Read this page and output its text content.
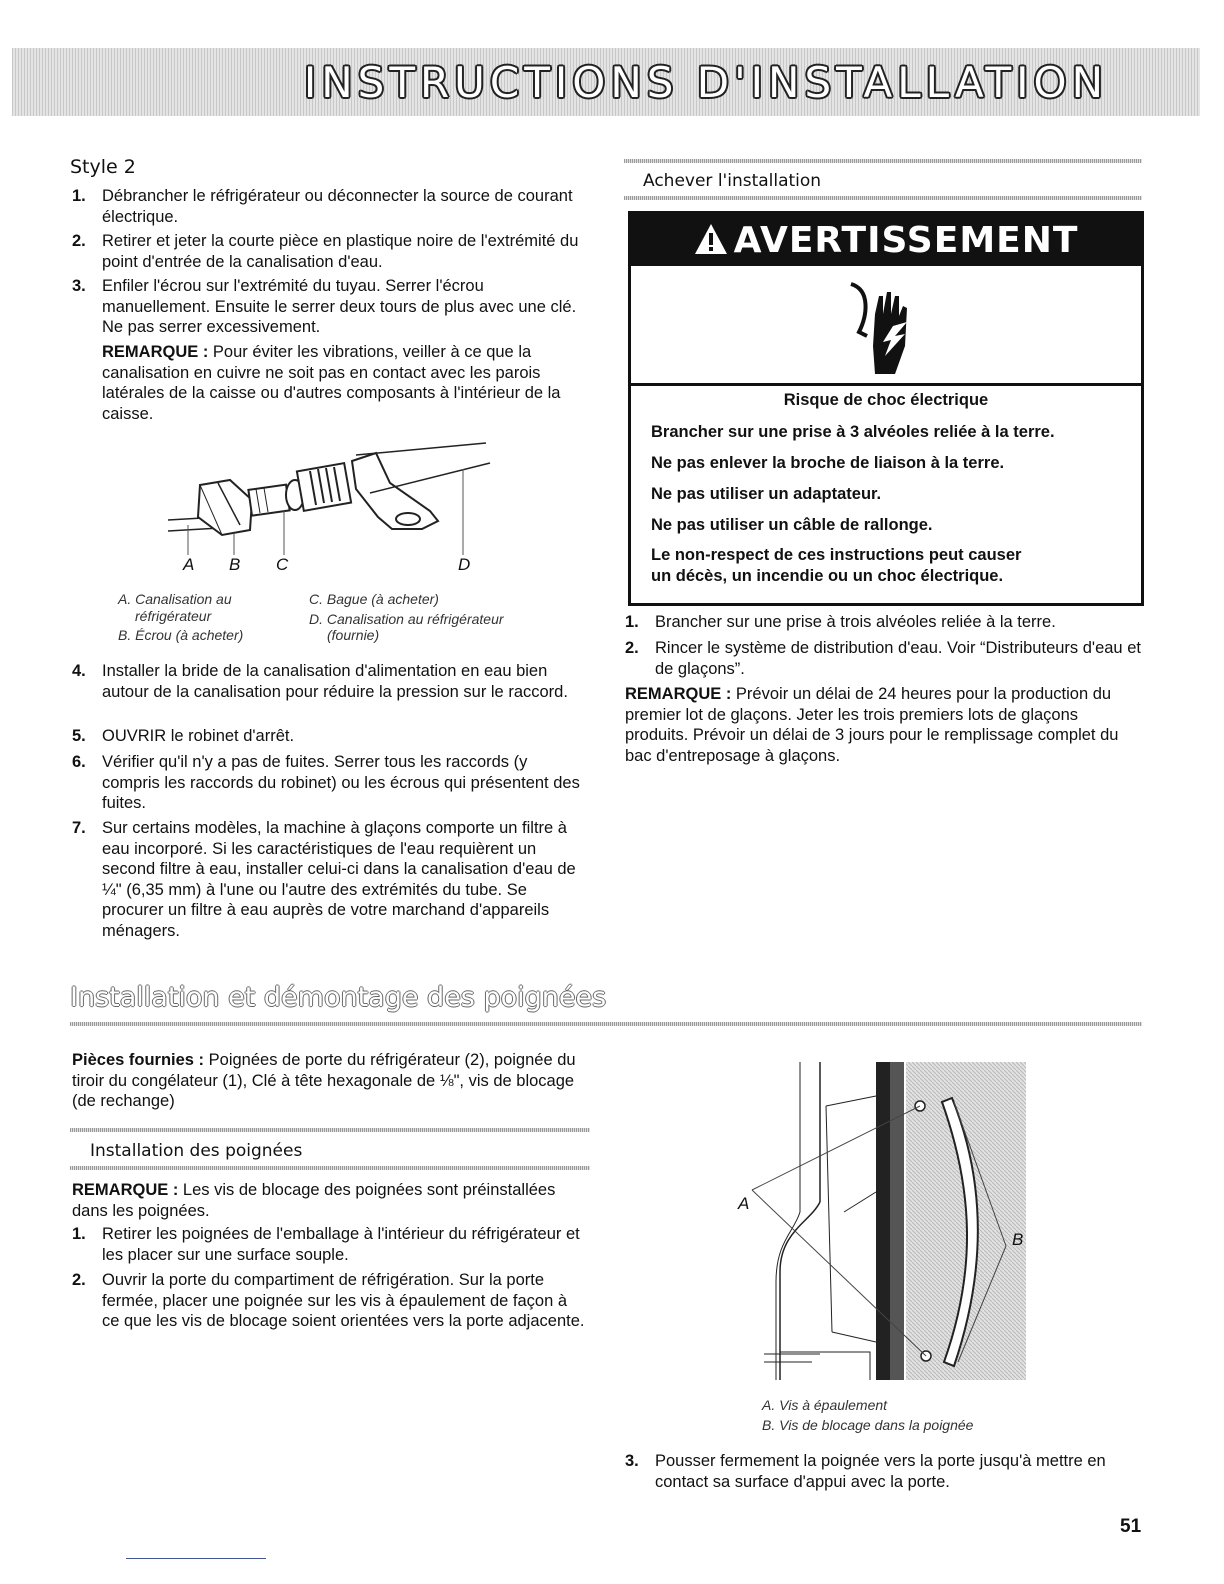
INSTRUCTIONS D'INSTALLATION
Style 2
1. Débrancher le réfrigérateur ou déconnecter la source de courant électrique.
2. Retirer et jeter la courte pièce en plastique noire de l'extrémité du point d'entrée de la canalisation d'eau.
3. Enfiler l'écrou sur l'extrémité du tuyau. Serrer l'écrou manuellement. Ensuite le serrer deux tours de plus avec une clé. Ne pas serrer excessivement.
REMARQUE : Pour éviter les vibrations, veiller à ce que la canalisation en cuivre ne soit pas en contact avec les parois latérales de la caisse ou d'autres composants à l'intérieur de la caisse.
A B C	D
A. Canalisation au
réfrigérateur
B. Écrou (à acheter)
C. Bague (à acheter)
D. Canalisation au réfrigérateur
(fournie)
4. Installer la bride de la canalisation d'alimentation en eau bien autour de la canalisation pour réduire la pression sur le raccord.
5. OUVRIR le robinet d'arrêt.
6. Vérifier qu'il n'y a pas de fuites. Serrer tous les raccords (y compris les raccords du robinet) ou les écrous qui présentent des fuites.
7. Sur certains modèles, la machine à glaçons comporte un filtre à eau incorporé. Si les caractéristiques de l'eau requièrent un second filtre à eau, installer celui-ci dans la canalisation d'eau de ¼" (6,35 mm) à l'une ou l'autre des extrémités du tube. Se procurer un filtre à eau auprès de votre marchand d'appareils ménagers.
Achever l'installation
AVERTISSEMENT
Risque de choc électrique
Brancher sur une prise à 3 alvéoles reliée à la terre.
Ne pas enlever la broche de liaison à la terre.
Ne pas utiliser un adaptateur.
Ne pas utiliser un câble de rallonge.
Le non-respect de ces instructions peut causer
un décès, un incendie ou un choc électrique.
1. Brancher sur une prise à trois alvéoles reliée à la terre.
2. Rincer le système de distribution d'eau. Voir “Distributeurs d'eau et de glaçons”.
REMARQUE : Prévoir un délai de 24 heures pour la production du premier lot de glaçons. Jeter les trois premiers lots de glaçons produits. Prévoir un délai de 3 jours pour le remplissage complet du bac d'entreposage à glaçons.
Installation et démontage des poignées
Pièces fournies : Poignées de porte du réfrigérateur (2), poignée du tiroir du congélateur (1), Clé à tête hexagonale de ⅛", vis de blocage (de rechange)
Installation des poignées
REMARQUE : Les vis de blocage des poignées sont préinstallées dans les poignées.
1. Retirer les poignées de l'emballage à l'intérieur du réfrigérateur et les placer sur une surface souple.
2. Ouvrir la porte du compartiment de réfrigération. Sur la porte fermée, placer une poignée sur les vis à épaulement de façon à ce que les vis de blocage soient orientées vers la porte adjacente.
A
B
A. Vis à épaulement
B. Vis de blocage dans la poignée
3. Pousser fermement la poignée vers la porte jusqu'à mettre en contact sa surface d'appui avec la porte.
51
